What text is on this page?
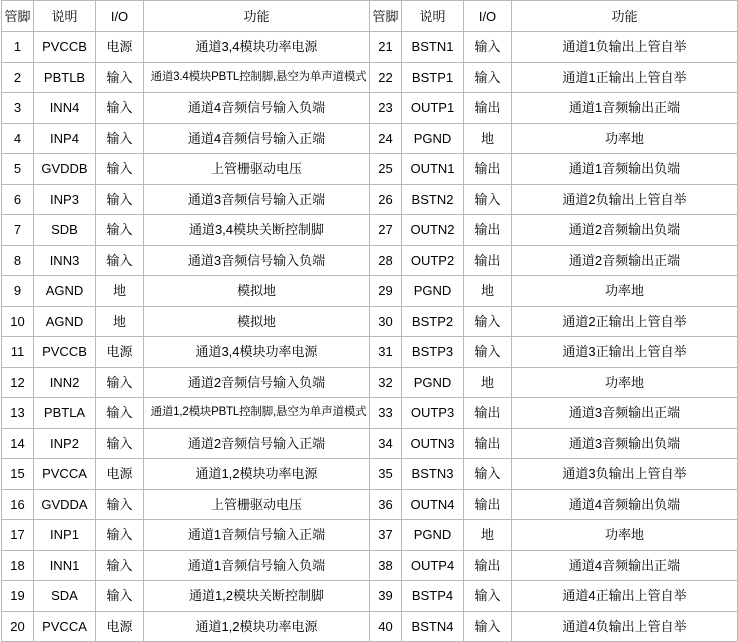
管脚	说明	I/O	功能	管脚	说明	I/O	功能
1	PVCCB	电源	通道3,4模块功率电源	21	BSTN1	输入	通道1负输出上管自举
2	PBTLB	输入	通道3.4模块PBTL控制脚,悬空为单声道模式	22	BSTP1	输入	通道1正输出上管自举
3	INN4	输入	通道4音频信号输入负端	23	OUTP1	输出	通道1音频输出正端
4	INP4	输入	通道4音频信号输入正端	24	PGND	地	功率地
5	GVDDB	输入	上管栅驱动电压	25	OUTN1	输出	通道1音频输出负端
6	INP3	输入	通道3音频信号输入正端	26	BSTN2	输入	通道2负输出上管自举
7	SDB	输入	通道3,4模块关断控制脚	27	OUTN2	输出	通道2音频输出负端
8	INN3	输入	通道3音频信号输入负端	28	OUTP2	输出	通道2音频输出正端
9	AGND	地	模拟地	29	PGND	地	功率地
10	AGND	地	模拟地	30	BSTP2	输入	通道2正输出上管自举
11	PVCCB	电源	通道3,4模块功率电源	31	BSTP3	输入	通道3正输出上管自举
12	INN2	输入	通道2音频信号输入负端	32	PGND	地	功率地
13	PBTLA	输入	通道1,2模块PBTL控制脚,悬空为单声道模式	33	OUTP3	输出	通道3音频输出正端
14	INP2	输入	通道2音频信号输入正端	34	OUTN3	输出	通道3音频输出负端
15	PVCCA	电源	通道1,2模块功率电源	35	BSTN3	输入	通道3负输出上管自举
16	GVDDA	输入	上管栅驱动电压	36	OUTN4	输出	通道4音频输出负端
17	INP1	输入	通道1音频信号输入正端	37	PGND	地	功率地
18	INN1	输入	通道1音频信号输入负端	38	OUTP4	输出	通道4音频输出正端
19	SDA	输入	通道1,2模块关断控制脚	39	BSTP4	输入	通道4正输出上管自举
20	PVCCA	电源	通道1,2模块功率电源	40	BSTN4	输入	通道4负输出上管自举
